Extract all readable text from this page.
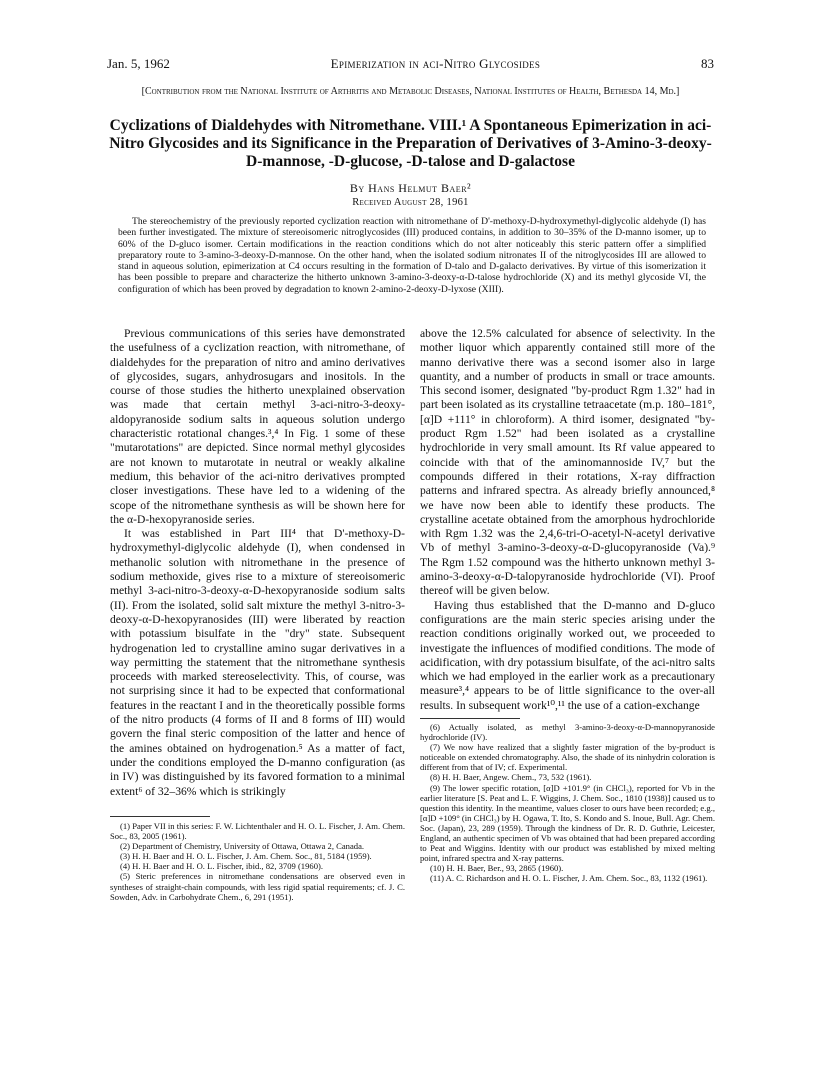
Jan. 5, 1962	Epimerization in aci-Nitro Glycosides	83
[Contribution from the National Institute of Arthritis and Metabolic Diseases, National Institutes of Health, Bethesda 14, Md.]
Cyclizations of Dialdehydes with Nitromethane. VIII.¹ A Spontaneous Epimerization in aci-Nitro Glycosides and its Significance in the Preparation of Derivatives of 3-Amino-3-deoxy-D-mannose, -D-glucose, -D-talose and D-galactose
By Hans Helmut Baer²
Received August 28, 1961
The stereochemistry of the previously reported cyclization reaction with nitromethane of D'-methoxy-D-hydroxymethyl-diglycolic aldehyde (I) has been further investigated. The mixture of stereoisomeric nitroglycosides (III) produced contains, in addition to 30–35% of the D-manno isomer, up to 60% of the D-gluco isomer. Certain modifications in the reaction conditions which do not alter noticeably this steric pattern offer a simplified preparatory route to 3-amino-3-deoxy-D-mannose. On the other hand, when the isolated sodium nitronates II of the nitroglycosides III are allowed to stand in aqueous solution, epimerization at C4 occurs resulting in the formation of D-talo and D-galacto derivatives. By virtue of this isomerization it has been possible to prepare and characterize the hitherto unknown 3-amino-3-deoxy-α-D-talose hydrochloride (X) and its methyl glycoside VI, the configuration of which has been proved by degradation to known 2-amino-2-deoxy-D-lyxose (XIII).

Previous communications of this series have demonstrated the usefulness of a cyclization reaction, with nitromethane, of dialdehydes for the preparation of nitro and amino derivatives of glycosides, sugars, anhydrosugars and inositols. In the course of those studies the hitherto unexplained observation was made that certain methyl 3-aci-nitro-3-deoxy-aldopyranoside sodium salts in aqueous solution undergo characteristic rotational changes.³,⁴ In Fig. 1 some of these "mutarotations" are depicted. Since normal methyl glycosides are not known to mutarotate in neutral or weakly alkaline medium, this behavior of the aci-nitro derivatives prompted closer investigations. These have led to a widening of the scope of the nitromethane synthesis as will be shown here for the α-D-hexopyranoside series.

It was established in Part III⁴ that D'-methoxy-D-hydroxymethyl-diglycolic aldehyde (I), when condensed in methanolic solution with nitromethane in the presence of sodium methoxide, gives rise to a mixture of stereoisomeric methyl 3-aci-nitro-3-deoxy-α-D-hexopyranoside sodium salts (II). From the isolated, solid salt mixture the methyl 3-nitro-3-deoxy-α-D-hexopyranosides (III) were liberated by reaction with potassium bisulfate in the "dry" state. Subsequent hydrogenation led to crystalline amino sugar derivatives in a way permitting the statement that the nitromethane synthesis proceeds with marked stereoselectivity. This, of course, was not surprising since it had to be expected that conformational features in the reactant I and in the theoretically possible forms of the nitro products (4 forms of II and 8 forms of III) would govern the final steric composition of the latter and hence of the amines obtained on hydrogenation.⁵ As a matter of fact, under the conditions employed the D-manno configuration (as in IV) was distinguished by its favored formation to a minimal extent⁶ of 32–36% which is strikingly

above the 12.5% calculated for absence of selectivity. In the mother liquor which apparently contained still more of the manno derivative there was a second isomer also in large quantity, and a number of products in small or trace amounts. This second isomer, designated "by-product Rgm 1.32" had in part been isolated as its crystalline tetraacetate (m.p. 180–181°, [α]D +111° in chloroform). A third isomer, designated "by-product Rgm 1.52" had been isolated as a crystalline hydrochloride in very small amount. Its Rf value appeared to coincide with that of the aminomannoside IV,⁷ but the compounds differed in their rotations, X-ray diffraction patterns and infrared spectra. As already briefly announced,⁸ we have now been able to identify these products. The crystalline acetate obtained from the amorphous hydrochloride with Rgm 1.32 was the 2,4,6-tri-O-acetyl-N-acetyl derivative Vb of methyl 3-amino-3-deoxy-α-D-glucopyranoside (Va).⁹ The Rgm 1.52 compound was the hitherto unknown methyl 3-amino-3-deoxy-α-D-talopyranoside hydrochloride (VI). Proof thereof will be given below.

Having thus established that the D-manno and D-gluco configurations are the main steric species arising under the reaction conditions originally worked out, we proceeded to investigate the influences of modified conditions. The mode of acidification, with dry potassium bisulfate, of the aci-nitro salts which we had employed in the earlier work as a precautionary measure³,⁴ appears to be of little significance to the over-all results. In subsequent work¹⁰,¹¹ the use of a cation-exchange

(1) Paper VII in this series: F. W. Lichtenthaler and H. O. L. Fischer, J. Am. Chem. Soc., 83, 2005 (1961).

(2) Department of Chemistry, University of Ottawa, Ottawa 2, Canada.

(3) H. H. Baer and H. O. L. Fischer, J. Am. Chem. Soc., 81, 5184 (1959).

(4) H. H. Baer and H. O. L. Fischer, ibid., 82, 3709 (1960).

(5) Steric preferences in nitromethane condensations are observed even in syntheses of straight-chain compounds, with less rigid spatial requirements; cf. J. C. Sowden, Adv. in Carbohydrate Chem., 6, 291 (1951).

(6) Actually isolated, as methyl 3-amino-3-deoxy-α-D-mannopyranoside hydrochloride (IV).

(7) We now have realized that a slightly faster migration of the by-product is noticeable on extended chromatography. Also, the shade of its ninhydrin coloration is different from that of IV; cf. Experimental.

(8) H. H. Baer, Angew. Chem., 73, 532 (1961).

(9) The lower specific rotation, [α]D +101.9° (in CHCl₃), reported for Vb in the earlier literature [S. Peat and L. F. Wiggins, J. Chem. Soc., 1810 (1938)] caused us to question this identity. In the meantime, values closer to ours have been recorded; e.g., [α]D +109° (in CHCl₃) by H. Ogawa, T. Ito, S. Kondo and S. Inoue, Bull. Agr. Chem. Soc. (Japan), 23, 289 (1959). Through the kindness of Dr. R. D. Guthrie, Leicester, England, an authentic specimen of Vb was obtained that had been prepared according to Peat and Wiggins. Identity with our product was established by mixed melting point, infrared spectra and X-ray patterns.

(10) H. H. Baer, Ber., 93, 2865 (1960).

(11) A. C. Richardson and H. O. L. Fischer, J. Am. Chem. Soc., 83, 1132 (1961).
